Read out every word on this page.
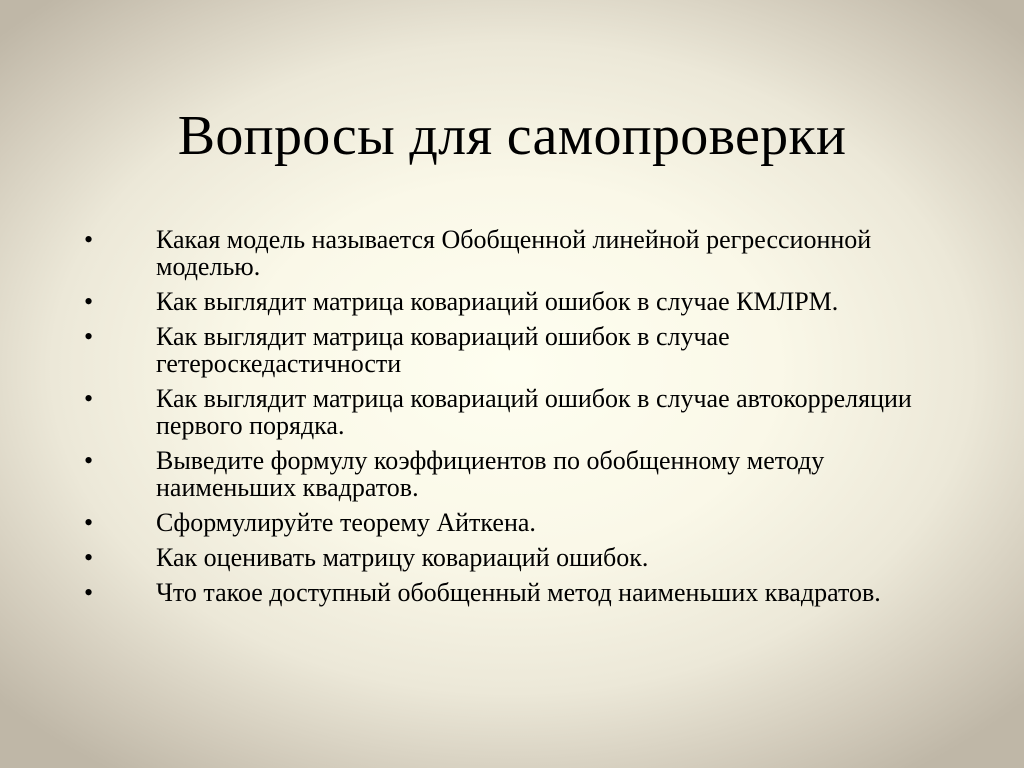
Вопросы для самопроверки
•	Какая модель называется Обобщенной линейной регрессионной моделью.
•	Как выглядит матрица ковариаций ошибок в случае КМЛРМ.
•	Как выглядит матрица ковариаций ошибок в случае гетероскедастичности
•	Как выглядит матрица ковариаций ошибок в случае автокорреляции первого порядка.
•	Выведите формулу коэффициентов по обобщенному методу наименьших квадратов.
•	Сформулируйте теорему Айткена.
•	Как оценивать матрицу ковариаций ошибок.
•	Что такое доступный обобщенный метод наименьших квадратов.
